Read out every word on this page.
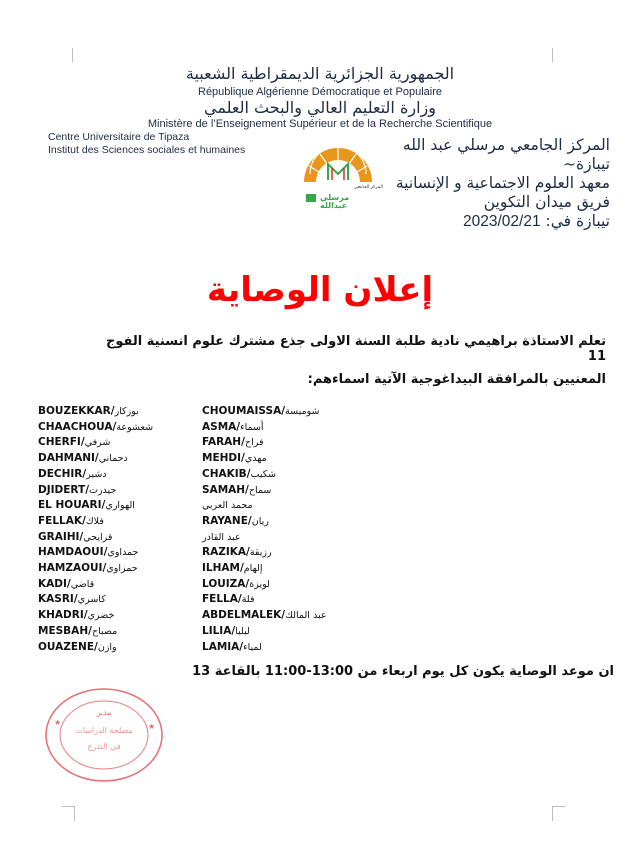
الجمهورية الجزائرية الديمقراطية الشعبية
République Algérienne Démocratique et Populaire
وزارة التعليم العالي والبحث العلمي
Ministère de l’Enseignement Supérieur et de la Recherche Scientifique
Centre Universitaire de Tipaza
Institut des Sciences sociales et humaines	المركز الجامعي مرسلي عبد الله
تيبازة~
معهد العلوم الاجتماعية و الإنسانية
فريق ميدان التكوين
تيبازة في: 2023/02/21
المركز الجامعي
مرسلي
عبدالله
إعلان الوصاية
تعلم الاستاذة براهيمي نادية طلبة السنة الاولى جذع مشترك علوم انسنية الفوج 11
المعنيين بالمرافقة البيداغوجية الآتية اسماءهم:
BOUZEKKAR/بوزكار
CHAACHOUA/شعشوعة
CHERFI/شرفي
DAHMANI/دحماني
DECHIR/دشير
DJIDERT/جيدرت
EL HOUARI/الهواري
FELLAK/فلاك
GRAIHI/قرايحي
HAMDAOUI/حمداوي
HAMZAOUI/حمزاوي
KADI/قاضي
KASRI/كاسري
KHADRI/خضري
MESBAH/مصباح
OUAZENE/وازن
CHOUMAISSA/شوميسة
ASMA/أسماء
FARAH/فراح
MEHDI/مهدي
CHAKIB/شكيب
SAMAH/سماح
محمد العربي
RAYANE/ريان
عبد القادر
RAZIKA/رزيقة
ILHAM/إلهام
LOUIZA/لويزة
FELLA/فلة
ABDELMALEK/عبد المالك
LILIA/ليليا
LAMIA/لمياء
ان موعد الوصاية يكون كل يوم اربعاء من 13:00-11:00 بالقاعة 13
★	★
مدير
مصلحة الدراسات
في التدرج
